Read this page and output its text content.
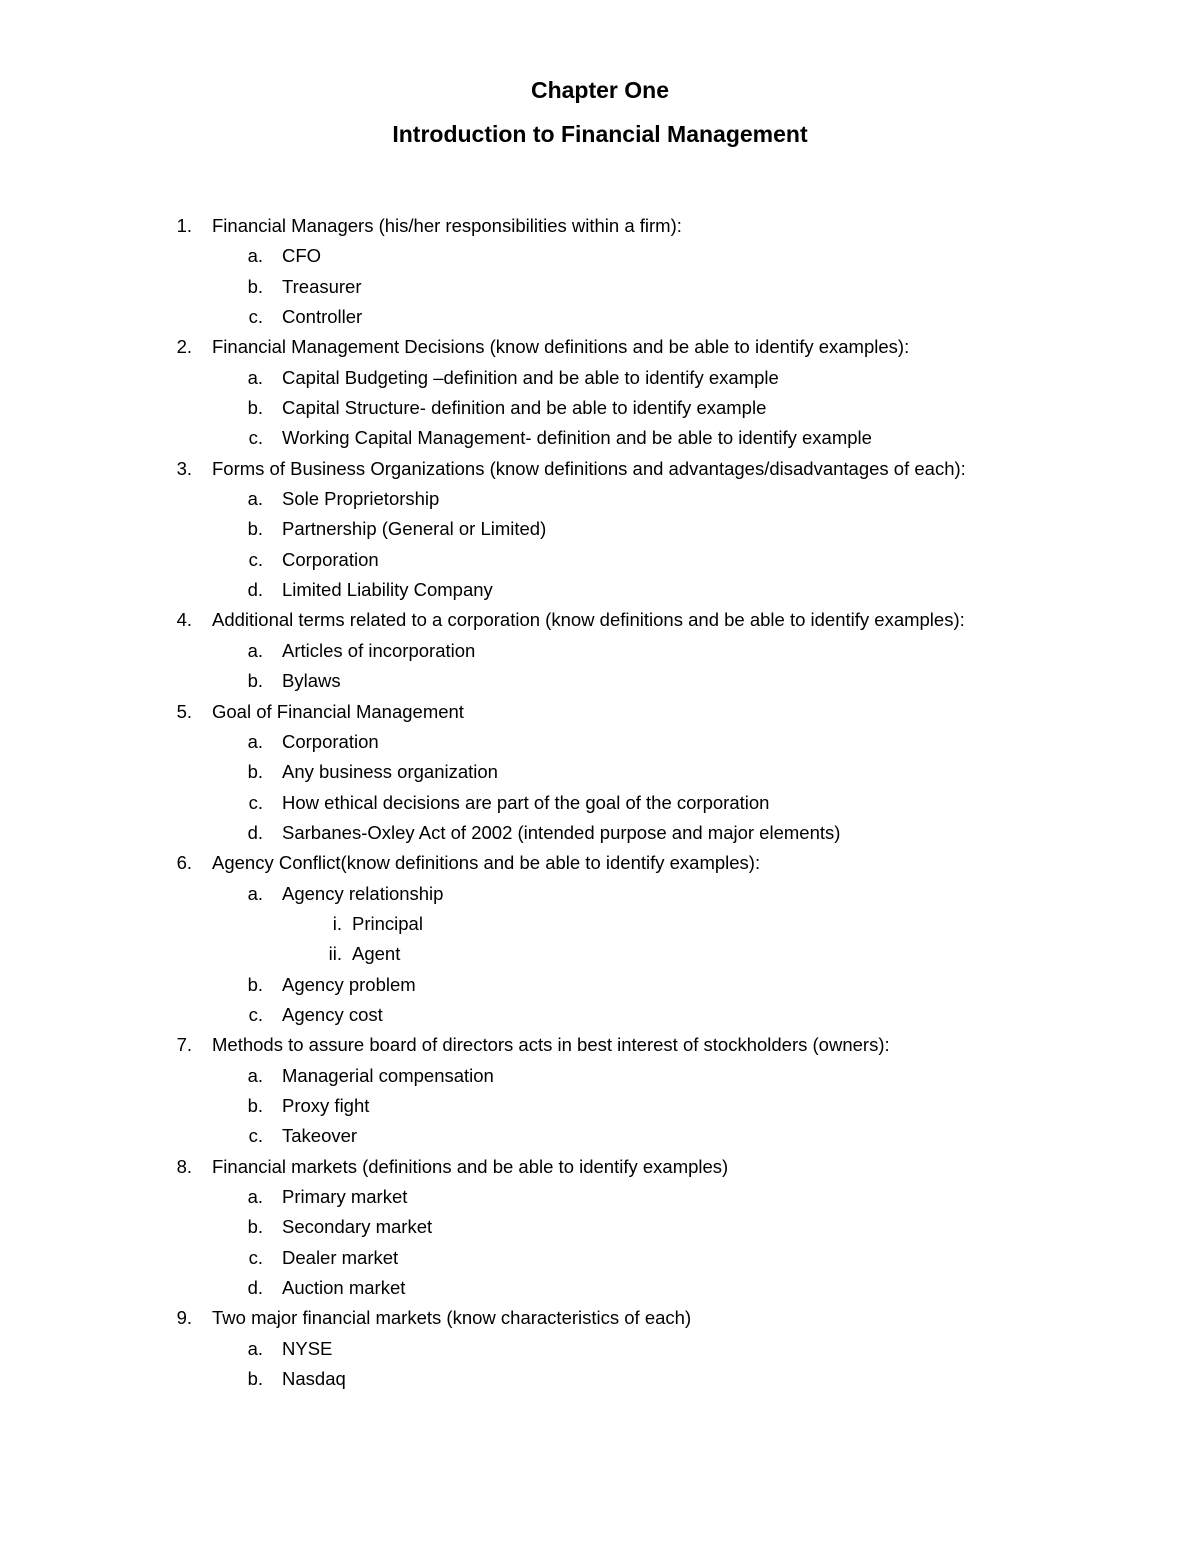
Chapter One
Introduction to Financial Management
1. Financial Managers (his/her responsibilities within a firm):
a. CFO
b. Treasurer
c. Controller
2. Financial Management Decisions (know definitions and be able to identify examples):
a. Capital Budgeting –definition and be able to identify example
b. Capital Structure- definition and be able to identify example
c. Working Capital Management- definition and be able to identify example
3. Forms of Business Organizations (know definitions and advantages/disadvantages of each):
a. Sole Proprietorship
b. Partnership (General or Limited)
c. Corporation
d. Limited Liability Company
4. Additional terms related to a corporation (know definitions and be able to identify examples):
a. Articles of incorporation
b. Bylaws
5. Goal of Financial Management
a. Corporation
b. Any business organization
c. How ethical decisions are part of the goal of the corporation
d. Sarbanes-Oxley Act of 2002 (intended purpose and major elements)
6. Agency Conflict(know definitions and be able to identify examples):
a. Agency relationship
i. Principal
ii. Agent
b. Agency problem
c. Agency cost
7. Methods to assure board of directors acts in best interest of stockholders (owners):
a. Managerial compensation
b. Proxy fight
c. Takeover
8. Financial markets (definitions and be able to identify examples)
a. Primary market
b. Secondary market
c. Dealer market
d. Auction market
9. Two major financial markets (know characteristics of each)
a. NYSE
b. Nasdaq
